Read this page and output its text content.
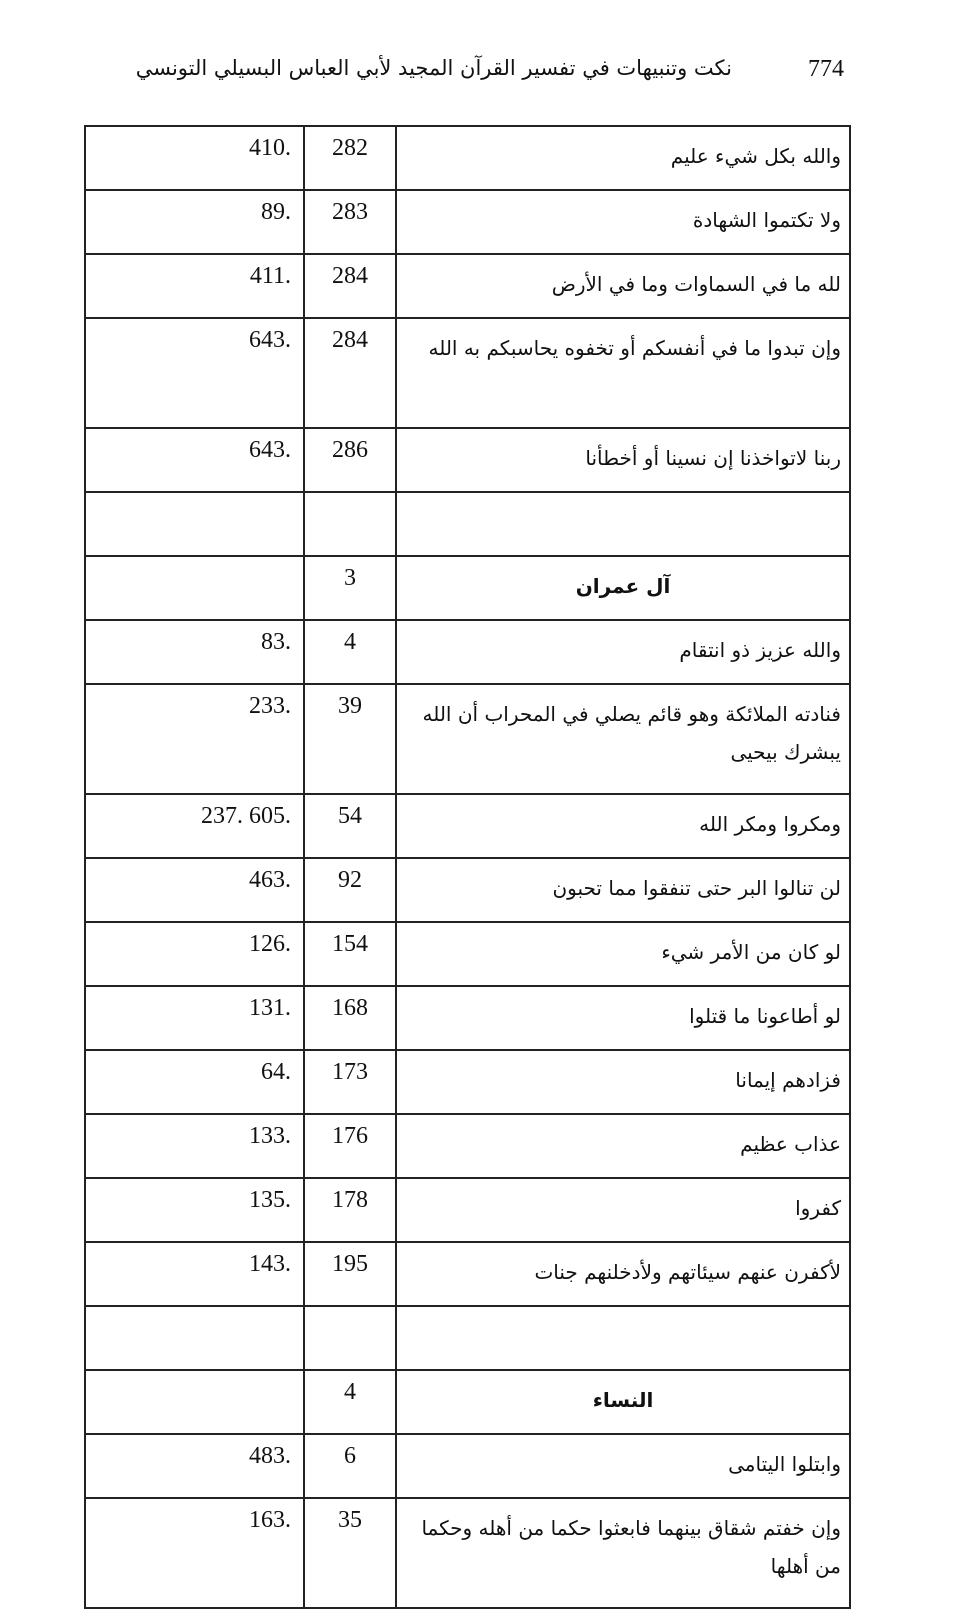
774
نكت وتنبيهات في تفسير القرآن المجيد لأبي العباس البسيلي التونسي
410.	282	والله بكل شيء عليم
89.	283	ولا تكتموا الشهادة
411.	284	لله ما في السماوات وما في الأرض
643.	284	وإن تبدوا ما في أنفسكم أو تخفوه يحاسبكم به الله
643.	286	ربنا لاتواخذنا إن نسينا أو أخطأنا

	3	آل عمران
83.	4	والله عزيز ذو انتقام
233.	39	فنادته الملائكة وهو قائم يصلي في المحراب أن الله يبشرك بيحيى
237. 605.	54	ومكروا ومكر الله
463.	92	لن تنالوا البر حتى تنفقوا مما تحبون
126.	154	لو كان من الأمر شيء
131.	168	لو أطاعونا ما قتلوا
64.	173	فزادهم إيمانا
133.	176	عذاب عظيم
135.	178	كفروا
143.	195	لأكفرن عنهم سيئاتهم ولأدخلنهم جنات

	4	النساء
483.	6	وابتلوا اليتامى
163.	35	وإن خفتم شقاق بينهما فابعثوا حكما من أهله وحكما من أهلها
